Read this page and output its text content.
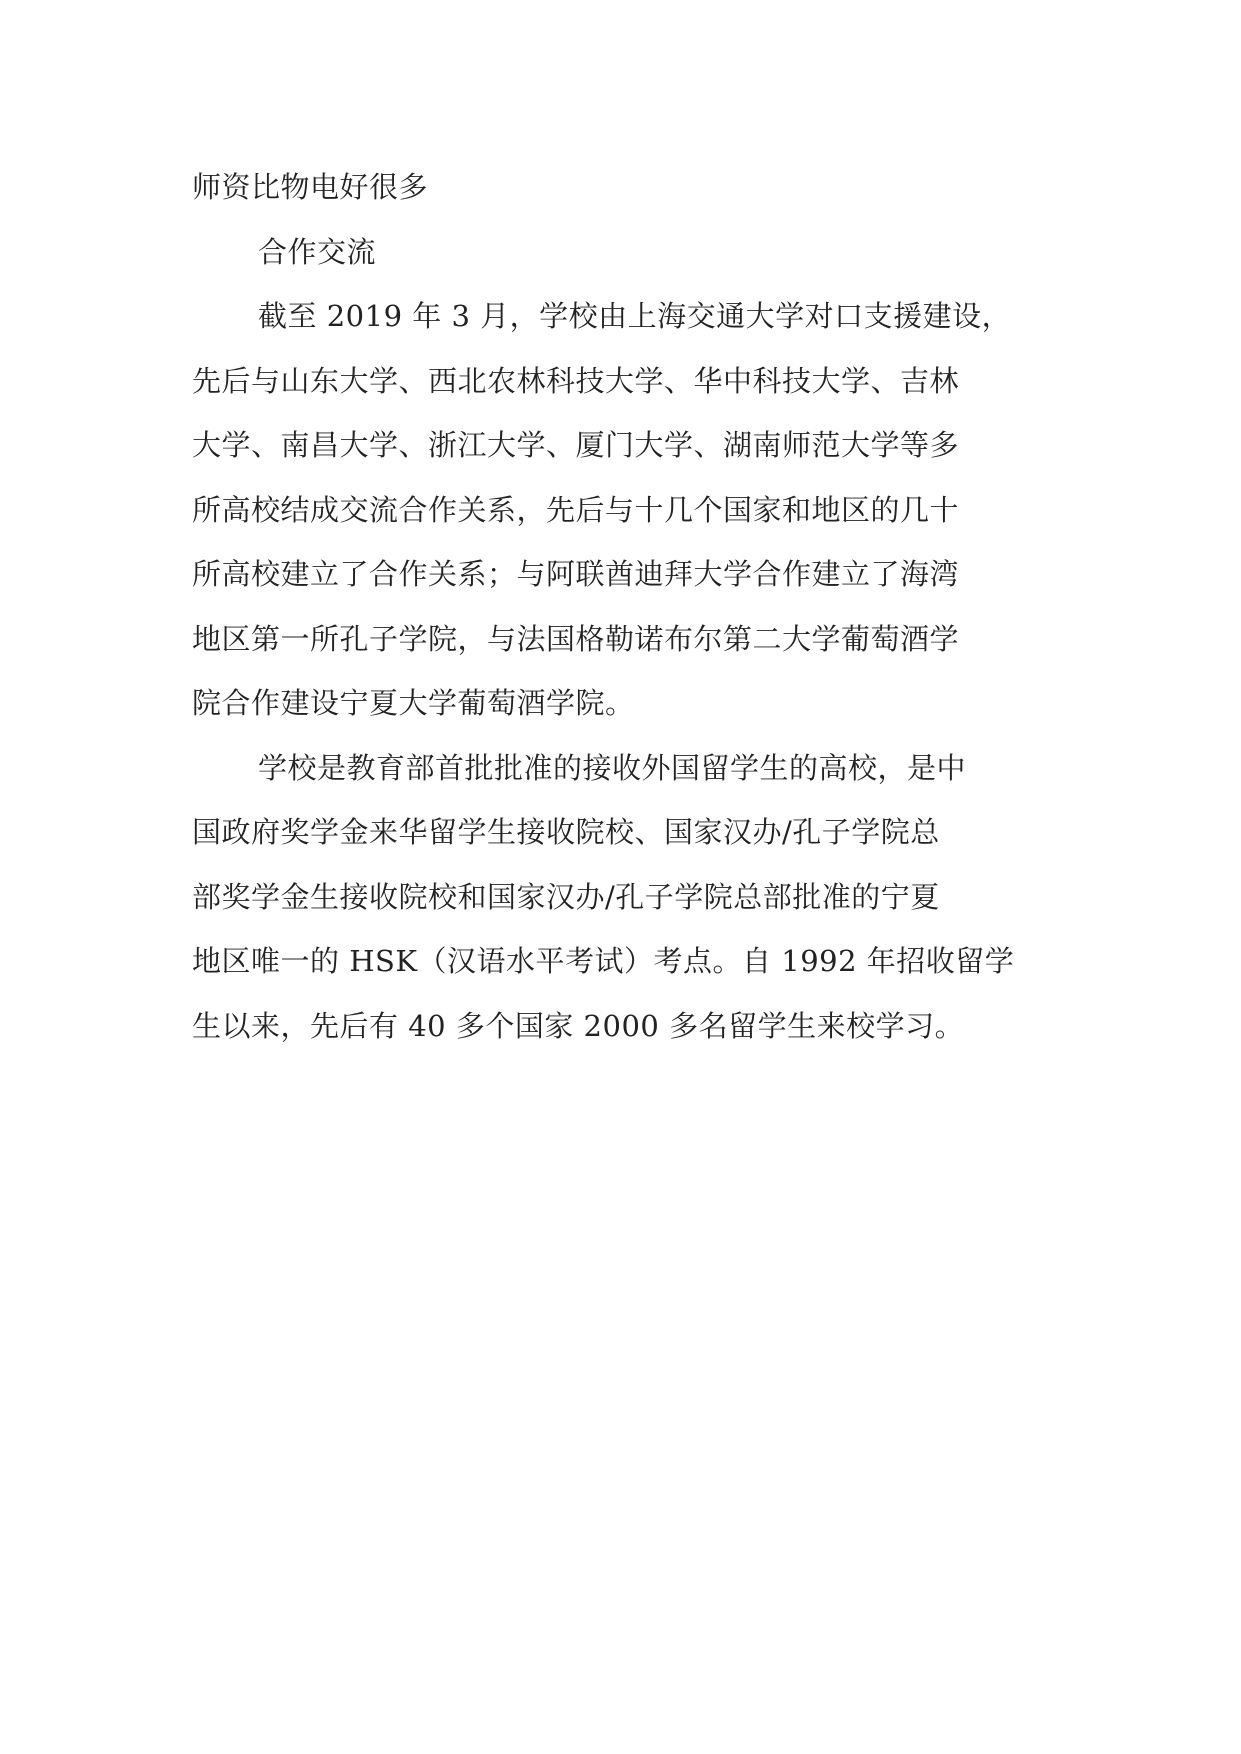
师资比物电好很多
合作交流
截至 2019 年 3 月，学校由上海交通大学对口支援建设，
先后与山东大学、西北农林科技大学、华中科技大学、吉林
大学、南昌大学、浙江大学、厦门大学、湖南师范大学等多
所高校结成交流合作关系，先后与十几个国家和地区的几十
所高校建立了合作关系；与阿联酋迪拜大学合作建立了海湾
地区第一所孔子学院，与法国格勒诺布尔第二大学葡萄酒学
院合作建设宁夏大学葡萄酒学院。
学校是教育部首批批准的接收外国留学生的高校，是中
国政府奖学金来华留学生接收院校、国家汉办/孔子学院总
部奖学金生接收院校和国家汉办/孔子学院总部批准的宁夏
地区唯一的 HSK（汉语水平考试）考点。自 1992 年招收留学
生以来，先后有 40 多个国家 2000 多名留学生来校学习。
